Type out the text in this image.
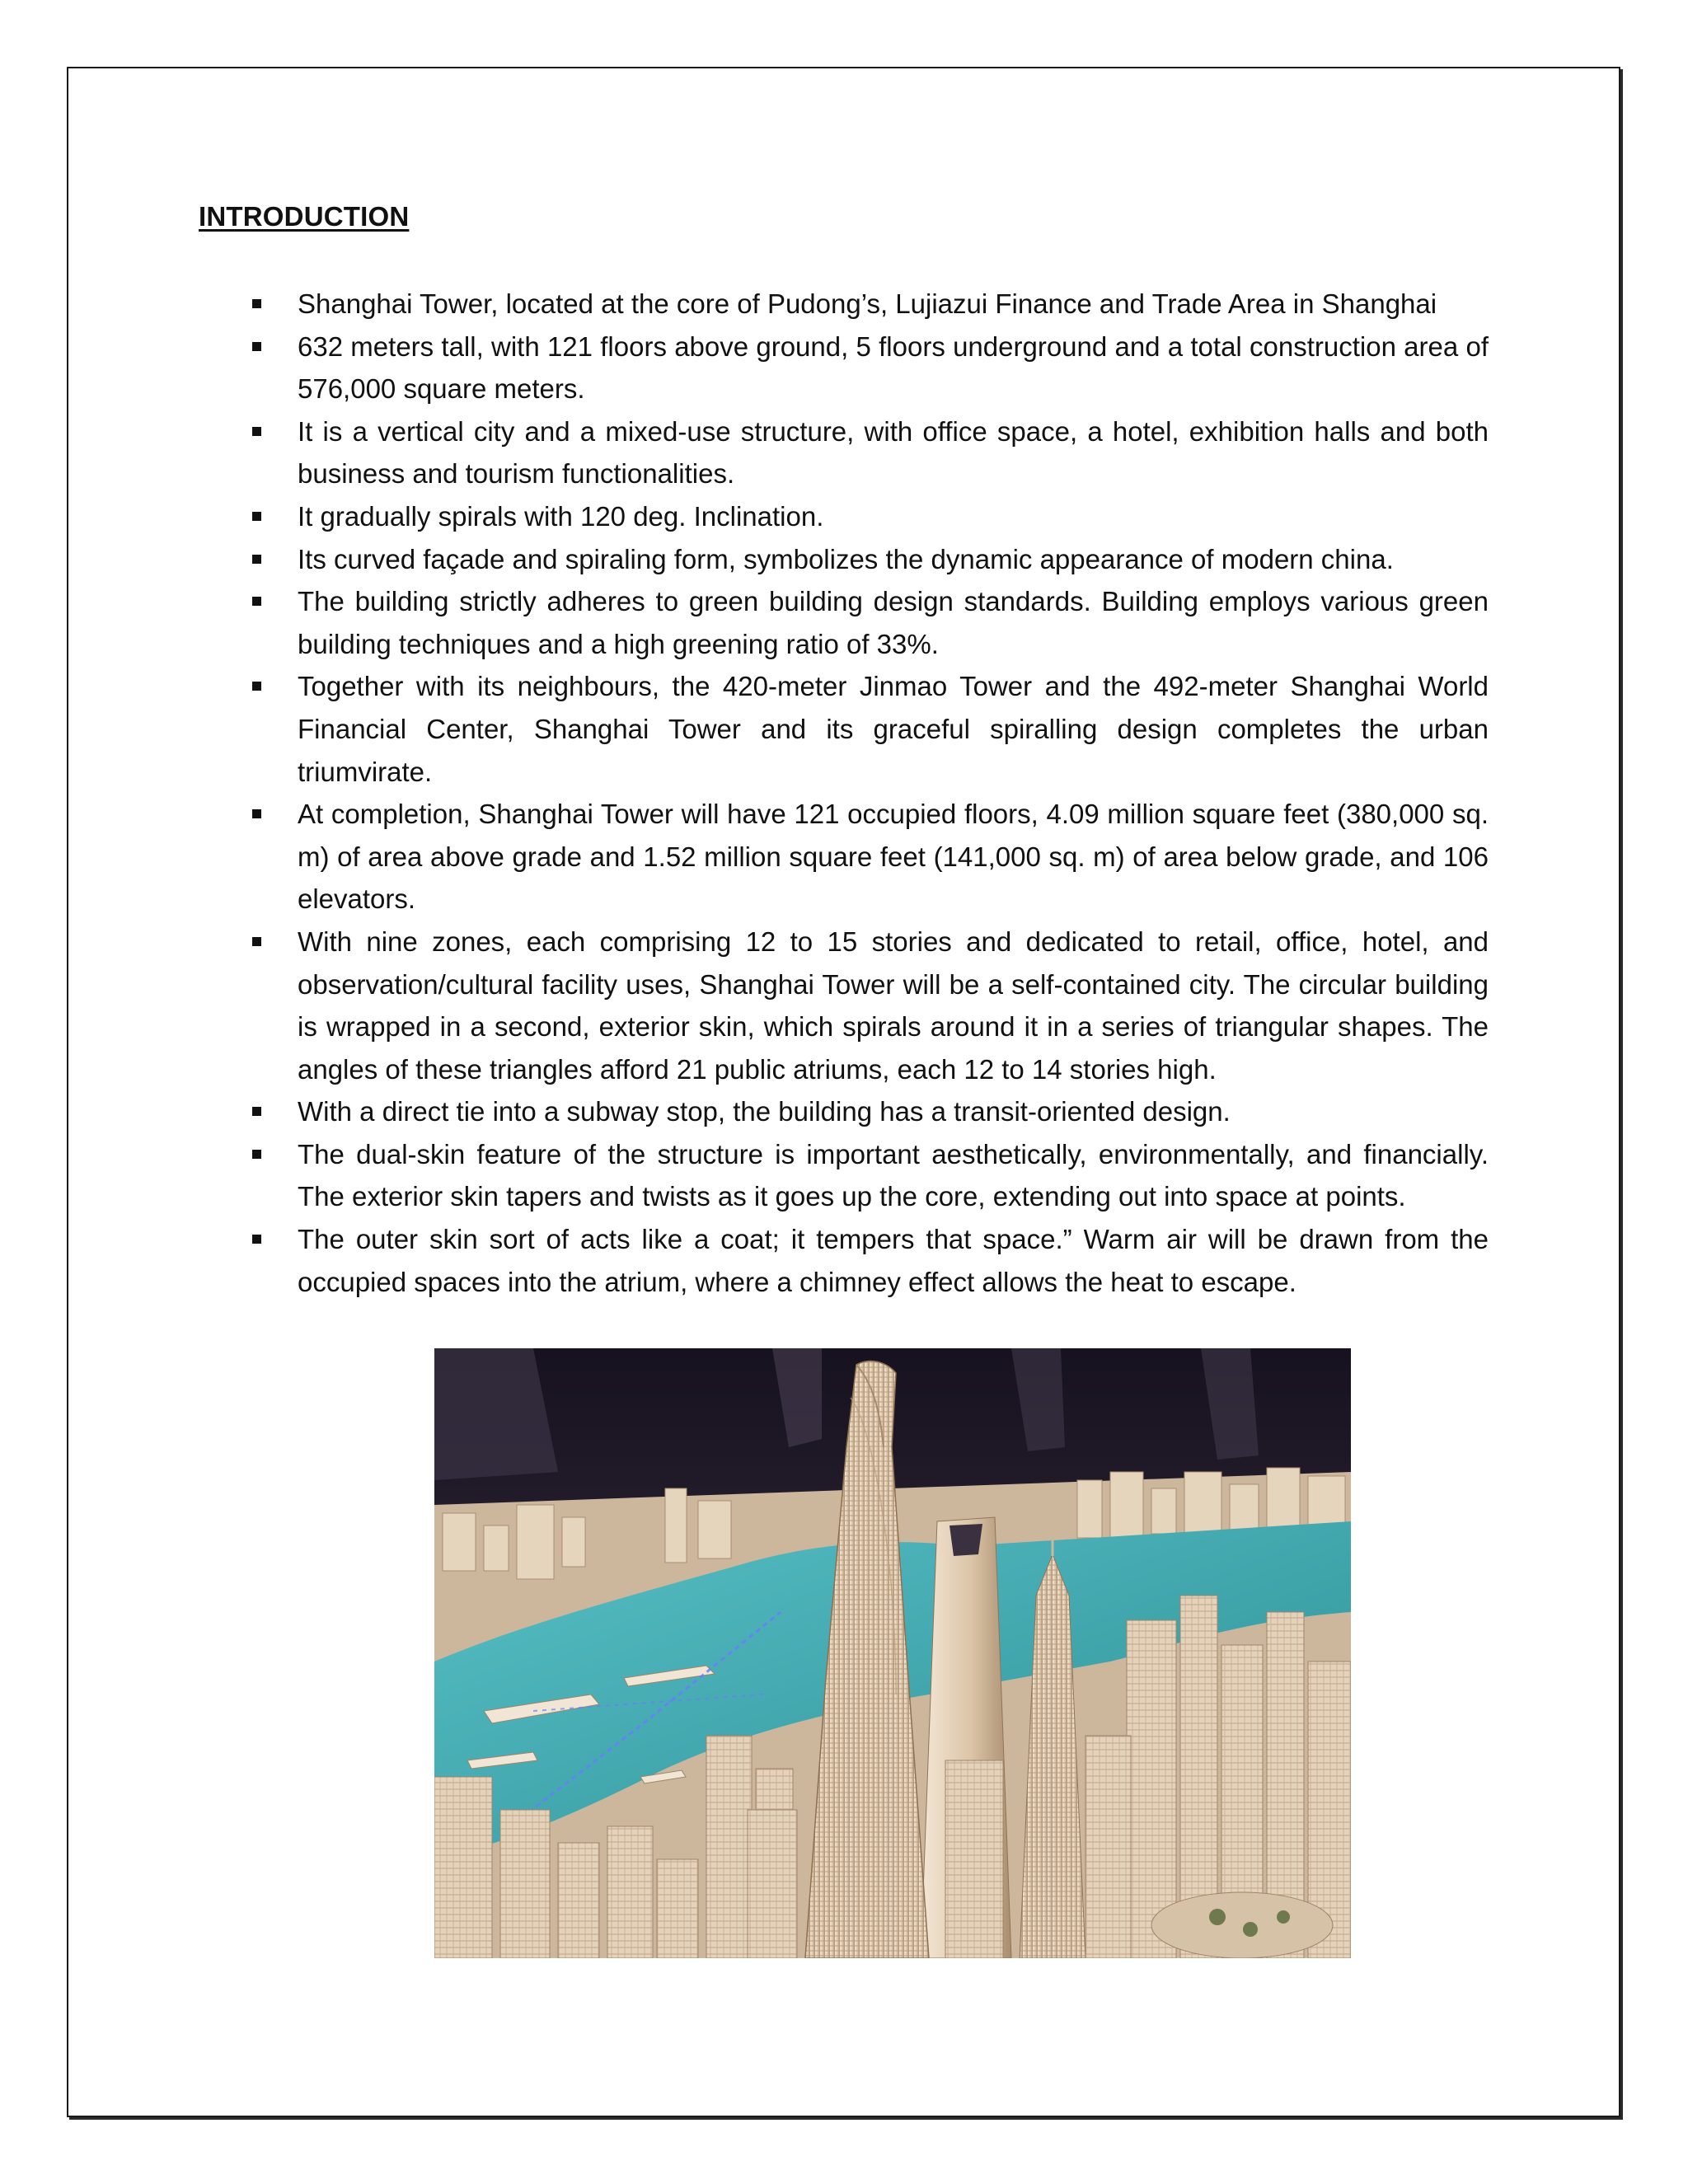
INTRODUCTION
Shanghai Tower, located at the core of Pudong’s, Lujiazui Finance and Trade Area in Shanghai
632 meters tall, with 121 floors above ground, 5 floors underground and a total construction area of 576,000 square meters.
It is a vertical city and a mixed-use structure, with office space, a hotel, exhibition halls and both business and tourism functionalities.
It gradually spirals with 120 deg. Inclination.
Its curved façade and spiraling form, symbolizes the dynamic appearance of modern china.
The building strictly adheres to green building design standards. Building employs various green building techniques and a high greening ratio of 33%.
Together with its neighbours, the 420-meter Jinmao Tower and the 492-meter Shanghai World Financial Center, Shanghai Tower and its graceful spiralling design completes the urban triumvirate.
At completion, Shanghai Tower will have 121 occupied floors, 4.09 million square feet (380,000 sq. m) of area above grade and 1.52 million square feet (141,000 sq. m) of area below grade, and 106 elevators.
With nine zones, each comprising 12 to 15 stories and dedicated to retail, office, hotel, and observation/cultural facility uses, Shanghai Tower will be a self-contained city. The circular building is wrapped in a second, exterior skin, which spirals around it in a series of triangular shapes. The angles of these triangles afford 21 public atriums, each 12 to 14 stories high.
With a direct tie into a subway stop, the building has a transit-oriented design.
The dual-skin feature of the structure is important aesthetically, environmentally, and financially. The exterior skin tapers and twists as it goes up the core, extending out into space at points.
The outer skin sort of acts like a coat; it tempers that space.” Warm air will be drawn from the occupied spaces into the atrium, where a chimney effect allows the heat to escape.
